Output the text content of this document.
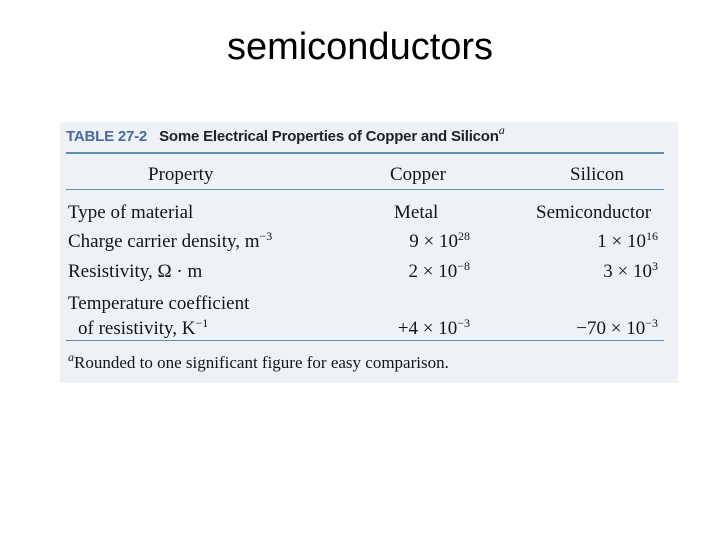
semiconductors
TABLE 27-2 Some Electrical Properties of Copper and Silicon$^a$
Property	Copper	Silicon
Type of material	Metal	Semiconductor
Charge carrier density, $m^{-3}$	$9 \times 10^{28}$	$1 \times 10^{16}$
Resistivity, Ω · m	$2 \times 10^{-8}$	$3 \times 10^3$
Temperature coefficient
of resistivity, $K^{-1}$	$+4 \times 10^{-3}$	$-70 \times 10^{-3}$
$^a$Rounded to one significant figure for easy comparison.
